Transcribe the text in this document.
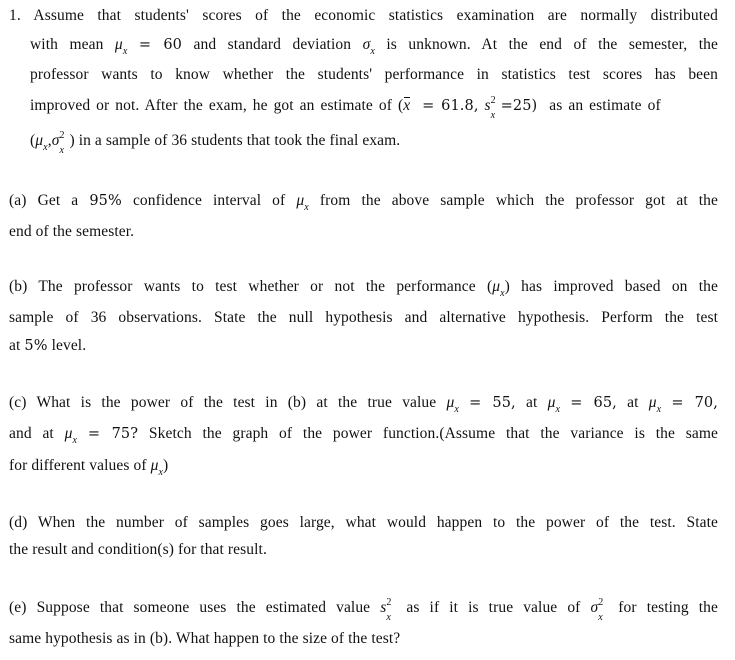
1. Assume that students' scores of the economic statistics examination are normally distributed
with mean $\mu_x = 60$ and standard deviation $\sigma_x$ is unknown. At the end of the semester, the
professor wants to know whether the students' performance in statistics test scores has been
improved or not. After the exam, he got an estimate of (x = 61.8, s 2
x
=25) as an estimate of
($\mu_x,\sigma$ 2
x
) in a sample of 36 students that took the final exam.
(a) Get a 95% confidence interval of $\mu_x$ from the above sample which the professor got at the
end of the semester.
(b) The professor wants to test whether or not the performance $(\mu_x)$ has improved based on the
sample of 36 observations. State the null hypothesis and alternative hypothesis. Perform the test
at 5% level.
(c) What is the power of the test in (b) at the true value $\mu_x = 55$, at $\mu_x = 65$, at $\mu_x = 70$,
and at $\mu_x = 75$? Sketch the graph of the power function.(Assume that the variance is the same
for different values of $\mu_x$)
(d) When the number of samples goes large, what would happen to the power of the test. State
the result and condition(s) for that result.
(e) Suppose that someone uses the estimated value s 2
x
as if it is true value of σ 2
x
for testing the
same hypothesis as in (b). What happen to the size of the test?
